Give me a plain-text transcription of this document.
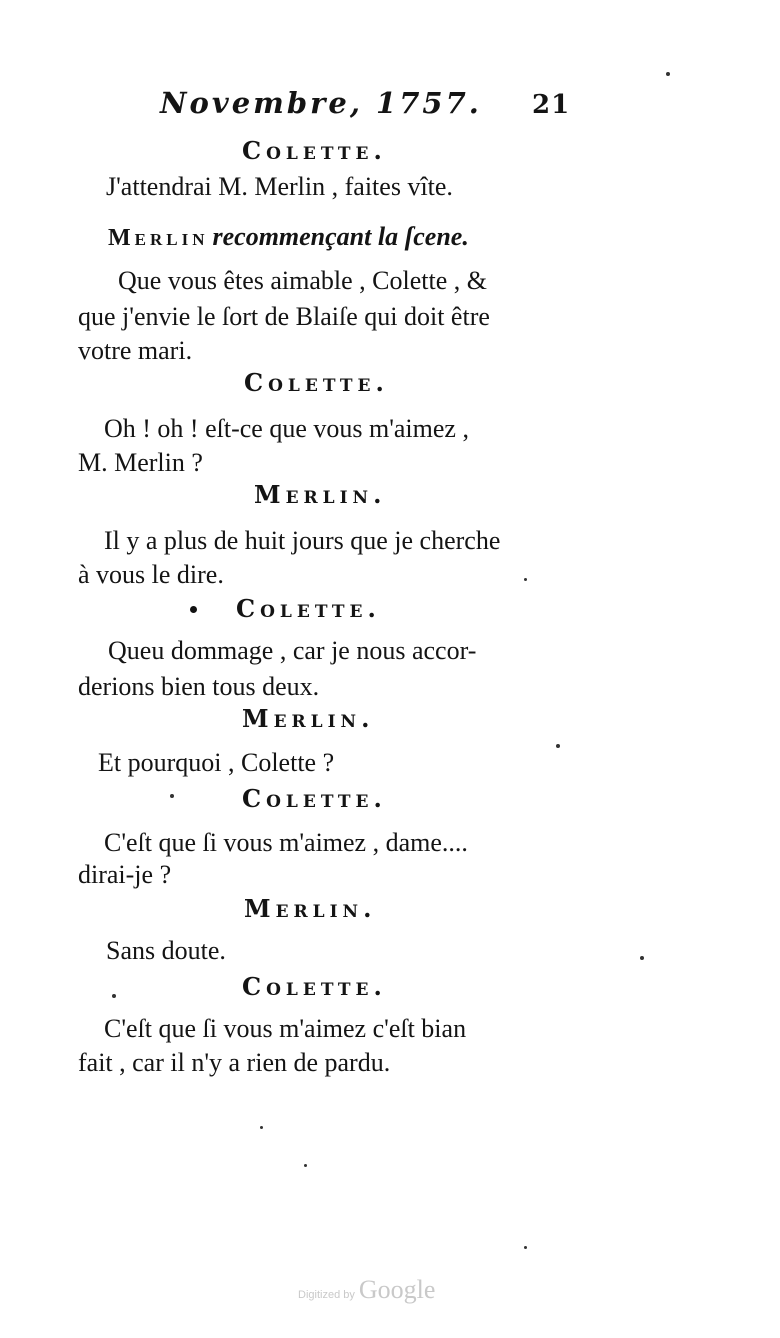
Novembre, 1757. 21
Colette.
J'attendrai M. Merlin , faites vîte.
Merlin recommençant la ſcene.
Que vous êtes aimable , Colette , &
que j'envie le ſort de Blaiſe qui doit être
votre mari.
Colette.
Oh ! oh ! eſt-ce que vous m'aimez ,
M. Merlin ?
Merlin.
Il y a plus de huit jours que je cherche
à vous le dire.
Colette.
Queu dommage , car je nous accor-
derions bien tous deux.
Merlin.
Et pourquoi , Colette ?
Colette.
C'eſt que ſi vous m'aimez , dame....
dirai-je ?
Merlin.
Sans doute.
Colette.
C'eſt que ſi vous m'aimez c'eſt bian
fait , car il n'y a rien de pardu.
Digitized by Google
